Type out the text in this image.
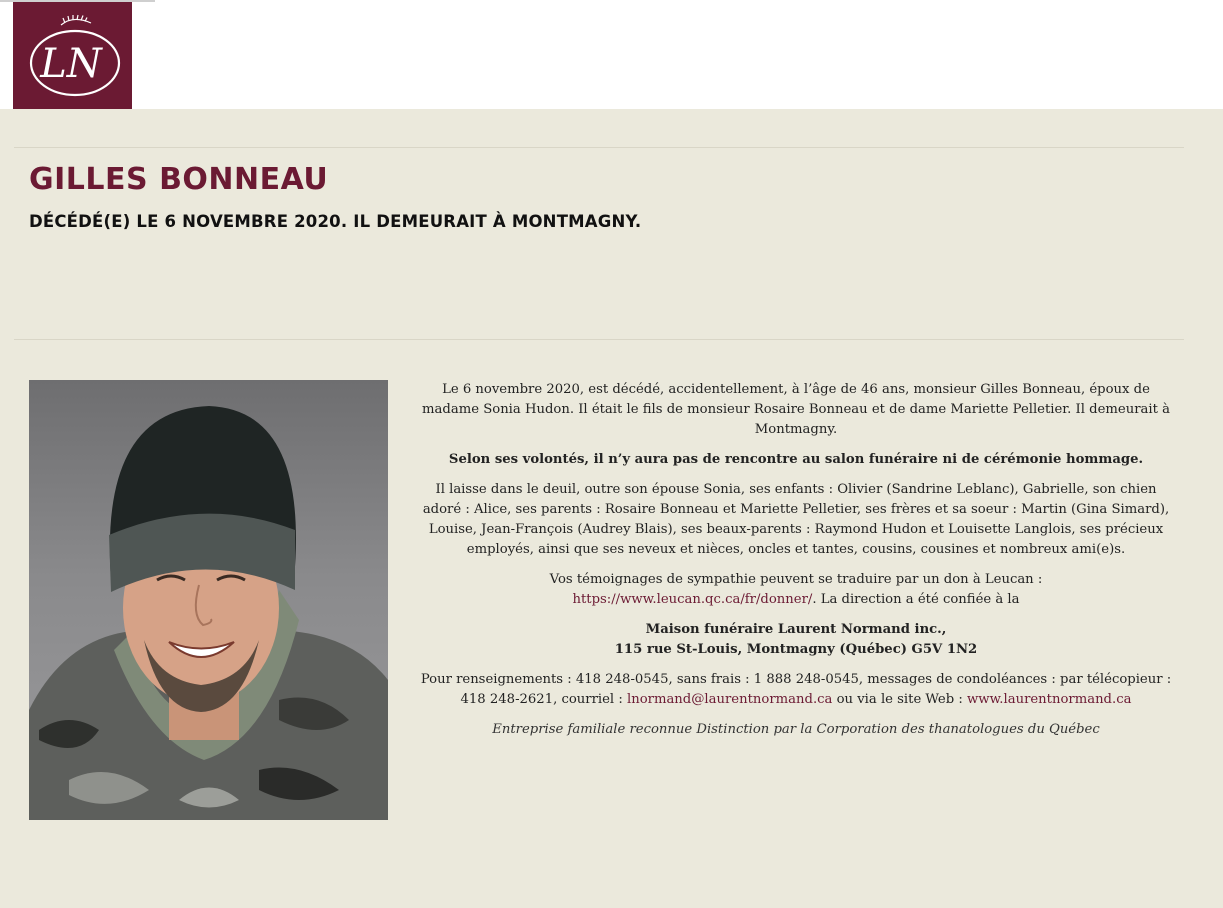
LN
GILLES BONNEAU
DÉCÉDÉ(E) LE 6 NOVEMBRE 2020. IL DEMEURAIT À MONTMAGNY.

Le 6 novembre 2020, est décédé, accidentellement, à l’âge de 46 ans, monsieur Gilles Bonneau, époux de madame Sonia Hudon. Il était le fils de monsieur Rosaire Bonneau et de dame Mariette Pelletier. Il demeurait à Montmagny.

Selon ses volontés, il n’y aura pas de rencontre au salon funéraire ni de cérémonie hommage.

Il laisse dans le deuil, outre son épouse Sonia, ses enfants : Olivier (Sandrine Leblanc), Gabrielle, son chien adoré : Alice, ses parents : Rosaire Bonneau et Mariette Pelletier, ses frères et sa soeur : Martin (Gina Simard), Louise, Jean-François (Audrey Blais), ses beaux-parents : Raymond Hudon et Louisette Langlois, ses précieux employés, ainsi que ses neveux et nièces, oncles et tantes, cousins, cousines et nombreux ami(e)s.

Vos témoignages de sympathie peuvent se traduire par un don à Leucan :
https://www.leucan.qc.ca/fr/donner/. La direction a été confiée à la

Maison funéraire Laurent Normand inc.,
115 rue St-Louis, Montmagny (Québec) G5V 1N2

Pour renseignements : 418 248-0545, sans frais : 1 888 248-0545, messages de condoléances : par télécopieur : 418 248-2621, courriel : lnormand@laurentnormand.ca ou via le site Web : www.laurentnormand.ca

Entreprise familiale reconnue Distinction par la Corporation des thanatologues du Québec
